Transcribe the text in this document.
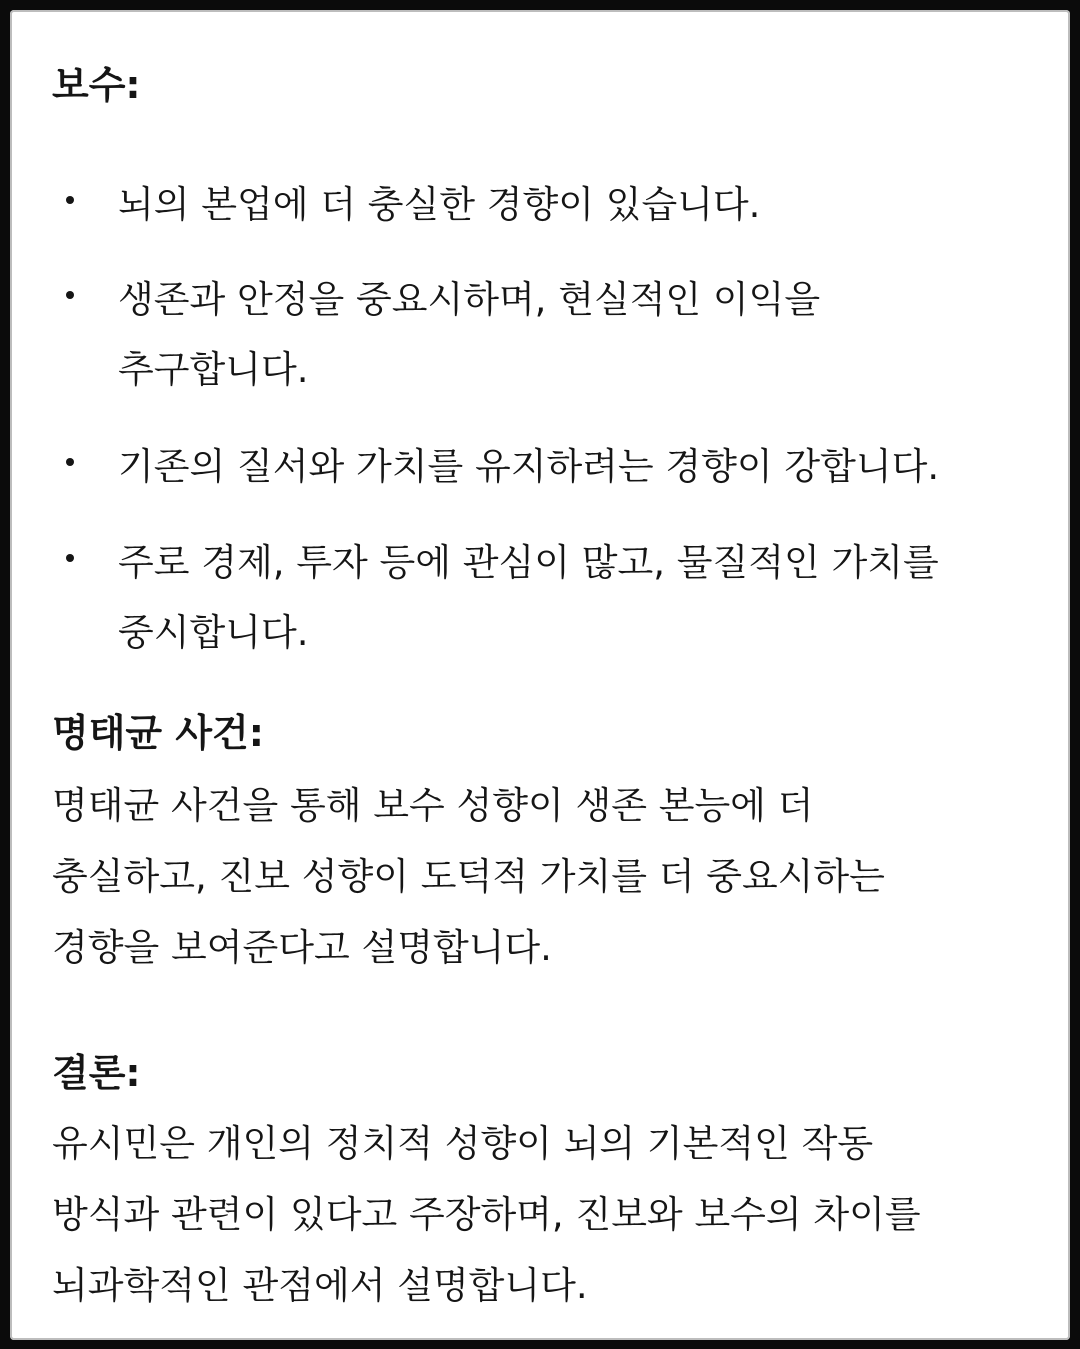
보수:
뇌의 본업에 더 충실한 경향이 있습니다.
생존과 안정을 중요시하며, 현실적인 이익을
추구합니다.
기존의 질서와 가치를 유지하려는 경향이 강합니다.
주로 경제, 투자 등에 관심이 많고, 물질적인 가치를
중시합니다.
명태균 사건:
명태균 사건을 통해 보수 성향이 생존 본능에 더
충실하고, 진보 성향이 도덕적 가치를 더 중요시하는
경향을 보여준다고 설명합니다.
결론:
유시민은 개인의 정치적 성향이 뇌의 기본적인 작동
방식과 관련이 있다고 주장하며, 진보와 보수의 차이를
뇌과학적인 관점에서 설명합니다.
